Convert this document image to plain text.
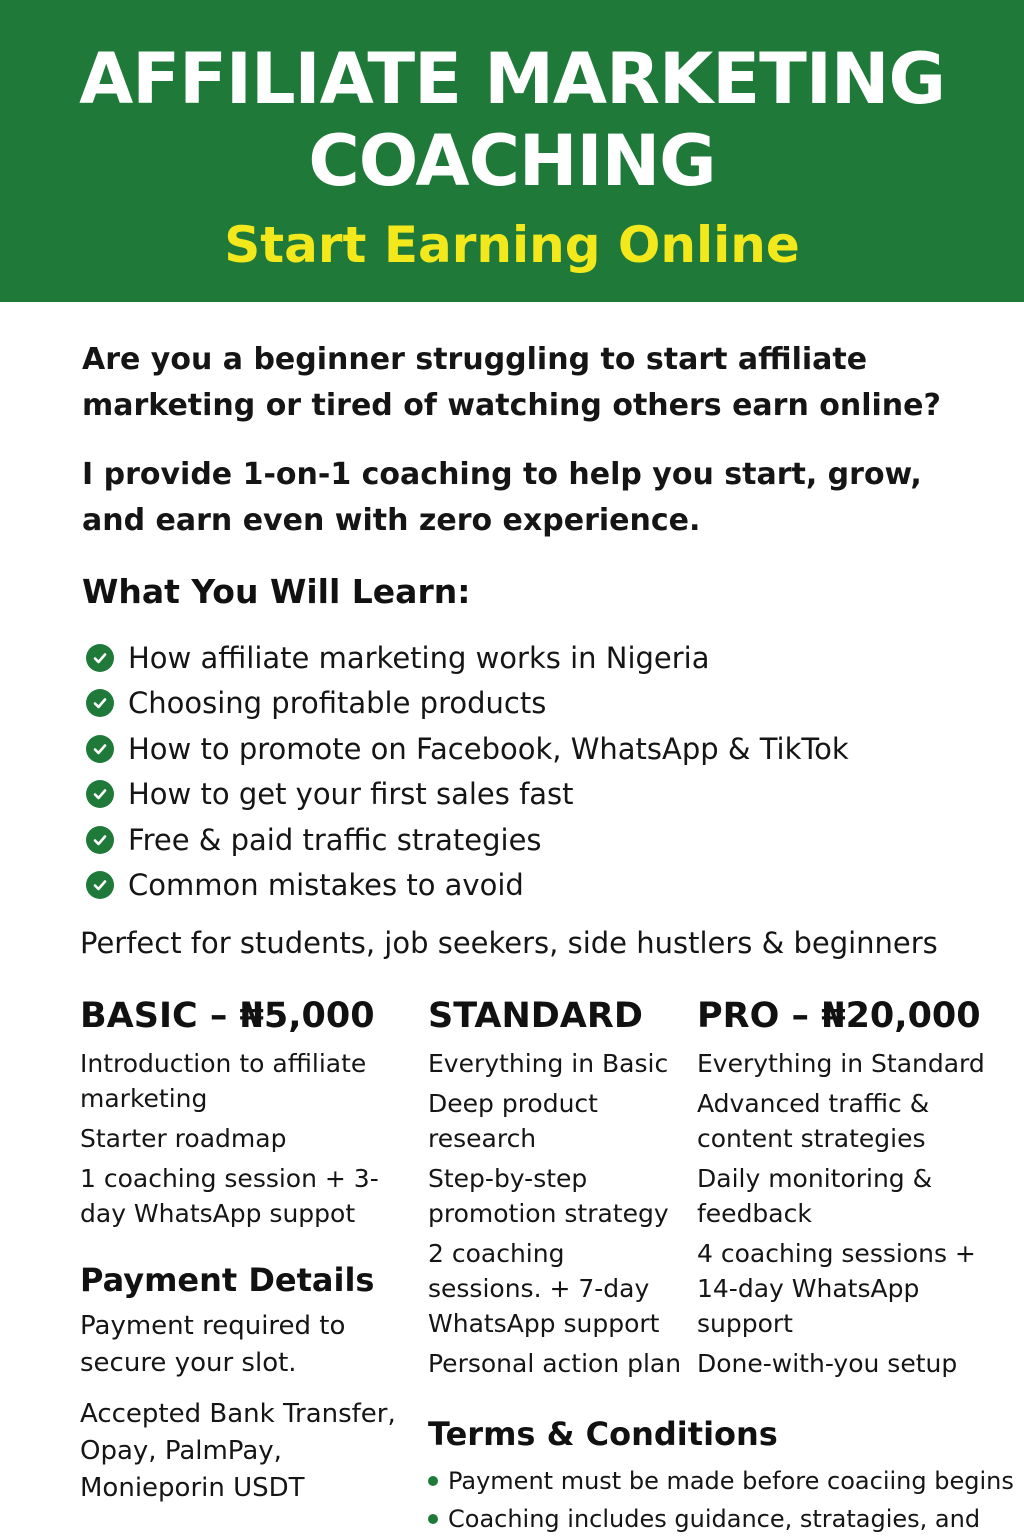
AFFILIATE MARKETING
COACHING

Start Earning Online

Are you a beginner struggling to start affiliate marketing or tired of watching others earn online?

I provide 1-on-1 coaching to help you start, grow, and earn even with zero experience.

What You Will Learn:
How affiliate marketing works in Nigeria
Choosing profitable products
How to promote on Facebook, WhatsApp & TikTok
How to get your first sales fast
Free & paid traffic strategies
Common mistakes to avoid

Perfect for students, job seekers, side hustlers & beginners

BASIC – ₦5,000

Introduction to affiliate marketing

Starter roadmap

1 coaching session + 3-day WhatsApp suppot

STANDARD

Everything in Basic

Deep product research

Step-by-step promotion strategy

2 coaching sessions. + 7-day WhatsApp support

Personal action plan

PRO – ₦20,000

Everything in Standard

Advanced traffic & content strategies

Daily monitoring & feedback

4 coaching sessions + 14-day WhatsApp support

Done-with-you setup

Payment Details

Payment required to secure your slot.

Accepted Bank Transfer, Opay, PalmPay, Monieporin USDT

Terms & Conditions
Payment must be made before coaciing begins
Coaching includes guidance, stratagies, and
